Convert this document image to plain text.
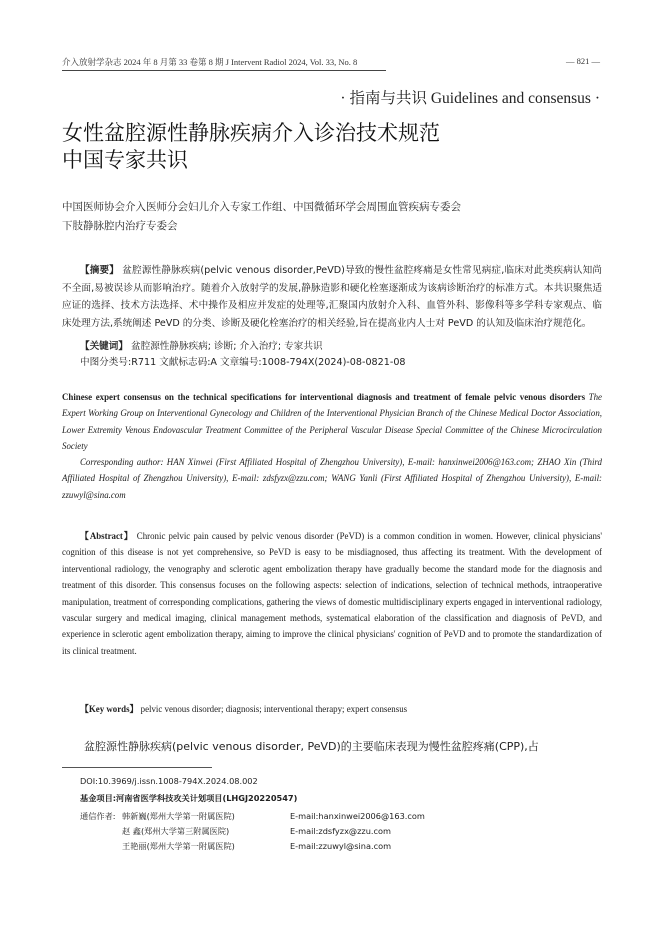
介入放射学杂志 2024 年 8 月第 33 卷第 8 期 J Intervent Radiol 2024, Vol. 33, No. 8	— 821 —
· 指南与共识 Guidelines and consensus ·
女性盆腔源性静脉疾病介入诊治技术规范
中国专家共识
中国医师协会介入医师分会妇儿介入专家工作组、中国微循环学会周围血管疾病专委会
下肢静脉腔内治疗专委会
【摘要】 盆腔源性静脉疾病(pelvic venous disorder,PeVD)导致的慢性盆腔疼痛是女性常见病症,临床对此类疾病认知尚不全面,易被误诊从而影响治疗。随着介入放射学的发展,静脉造影和硬化栓塞逐渐成为该病诊断治疗的标准方式。本共识聚焦适应证的选择、技术方法选择、术中操作及相应并发症的处理等,汇聚国内放射介入科、血管外科、影像科等多学科专家观点、临床处理方法,系统阐述 PeVD 的分类、诊断及硬化栓塞治疗的相关经验,旨在提高业内人士对 PeVD 的认知及临床治疗规范化。
【关键词】 盆腔源性静脉疾病; 诊断; 介入治疗; 专家共识
中图分类号:R711 文献标志码:A 文章编号:1008-794X(2024)-08-0821-08
Chinese expert consensus on the technical specifications for interventional diagnosis and treatment of female pelvic venous disorders The Expert Working Group on Interventional Gynecology and Children of the Interventional Physician Branch of the Chinese Medical Doctor Association, Lower Extremity Venous Endovascular Treatment Committee of the Peripheral Vascular Disease Special Committee of the Chinese Microcirculation Society
Corresponding author: HAN Xinwei (First Affiliated Hospital of Zhengzhou University), E-mail: hanxinwei2006@163.com; ZHAO Xin (Third Affiliated Hospital of Zhengzhou University), E-mail: zdsfyzx@zzu.com; WANG Yanli (First Affiliated Hospital of Zhengzhou University), E-mail: zzuwyl@sina.com
【Abstract】 Chronic pelvic pain caused by pelvic venous disorder (PeVD) is a common condition in women. However, clinical physicians' cognition of this disease is not yet comprehensive, so PeVD is easy to be misdiagnosed, thus affecting its treatment. With the development of interventional radiology, the venography and sclerotic agent embolization therapy have gradually become the standard mode for the diagnosis and treatment of this disorder. This consensus focuses on the following aspects: selection of indications, selection of technical methods, intraoperative manipulation, treatment of corresponding complications, gathering the views of domestic multidisciplinary experts engaged in interventional radiology, vascular surgery and medical imaging, clinical management methods, systematical elaboration of the classification and diagnosis of PeVD, and experience in sclerotic agent embolization therapy, aiming to improve the clinical physicians' cognition of PeVD and to promote the standardization of its clinical treatment.
【Key words】 pelvic venous disorder; diagnosis; interventional therapy; expert consensus
盆腔源性静脉疾病(pelvic venous disorder, PeVD)的主要临床表现为慢性盆腔疼痛(CPP),占
DOI:10.3969/j.issn.1008-794X.2024.08.002
基金项目:河南省医学科技攻关计划项目(LHGJ20220547)
通信作者: 韩新巍(郑州大学第一附属医院)	E-mail:hanxinwei2006@163.com
赵 鑫(郑州大学第三附属医院)	E-mail:zdsfyzx@zzu.com
王艳丽(郑州大学第一附属医院)	E-mail:zzuwyl@sina.com
